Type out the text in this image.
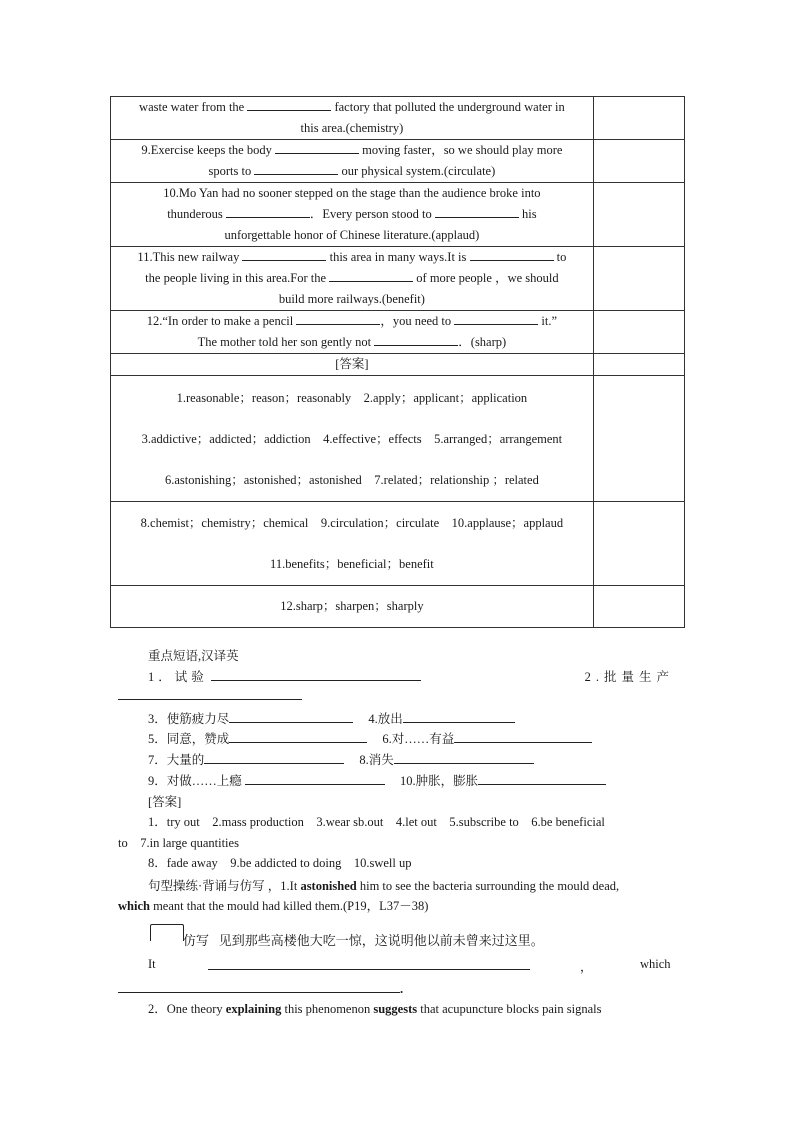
waste water from the factory that polluted the underground water in
this area.(chemistry)	
9.Exercise keeps the body moving faster，so we should play more
sports to our physical system.(circulate)	
10.Mo Yan had no sooner stepped on the stage than the audience broke into
thunderous ．Every person stood to his
unforgettable honor of Chinese literature.(applaud)	
11.This new railway this area in many ways.It is to
the people living in this area.For the of more people ，we should
build more railways.(benefit)	
12.“In order to make a pencil ，you need to it.”
The mother told her son gently not ．(sharp)	
[答案]	

1.reasonable；reason；reasonably　2.apply；applicant；application
3.addictive；addicted；addiction　4.effective；effects　5.arranged；arrangement
6.astonishing；astonished；astonished　7.related；relationship ；related	

8.chemist；chemistry；chemical　9.circulation；circulate　10.applause；applaud
11.benefits；beneficial；benefit	

12.sharp；sharpen；sharply	
重点短语,汉译英
1．试验	2.批量生产
3．使筋疲力尽	4.放出
5．同意，赞成	6.对……有益
7．大量的	8.消失
9．对做……上瘾	10.肿胀，膨胀
[答案]
1．try out　2.mass production　3.wear sb.out　4.let out　5.subscribe to　6.be beneficial
to　7.in large quantities
8．fade away　9.be addicted to doing　10.swell up
句型操练·背诵与仿写 ，1.It astonished him to see the bacteria surrounding the mould dead,
which meant that the mould had killed them.(P19，L37－38)
仿写 见到那些高楼他大吃一惊，这说明他以前未曾来过这里。
It	，	which
.
2．One theory explaining this phenomenon suggests that acupuncture blocks pain signals
